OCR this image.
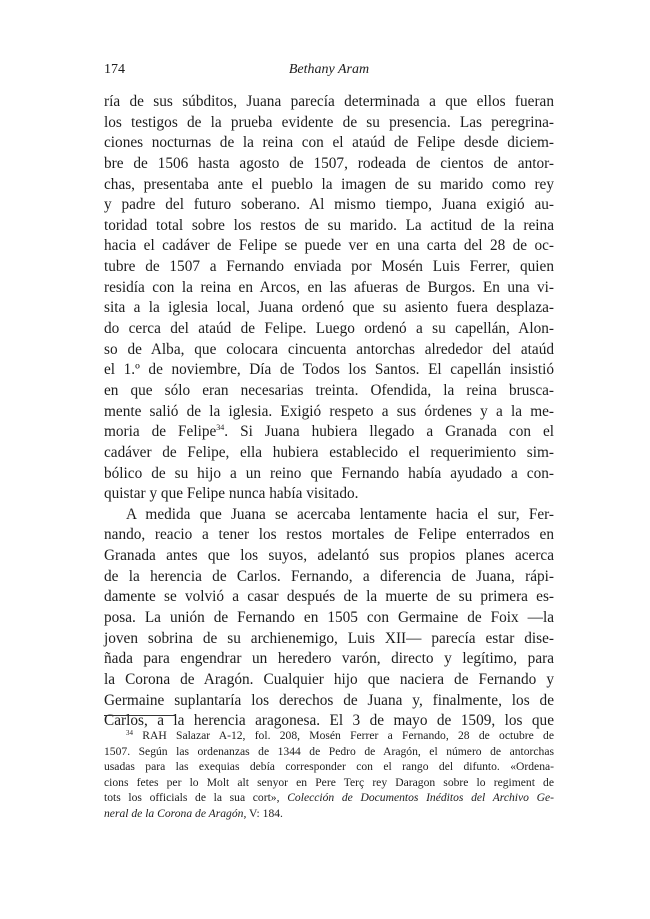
174	Bethany Aram
ría de sus súbditos, Juana parecía determinada a que ellos fueran
los testigos de la prueba evidente de su presencia. Las peregrina-
ciones nocturnas de la reina con el ataúd de Felipe desde diciem-
bre de 1506 hasta agosto de 1507, rodeada de cientos de antor-
chas, presentaba ante el pueblo la imagen de su marido como rey
y padre del futuro soberano. Al mismo tiempo, Juana exigió au-
toridad total sobre los restos de su marido. La actitud de la reina
hacia el cadáver de Felipe se puede ver en una carta del 28 de oc-
tubre de 1507 a Fernando enviada por Mosén Luis Ferrer, quien
residía con la reina en Arcos, en las afueras de Burgos. En una vi-
sita a la iglesia local, Juana ordenó que su asiento fuera desplaza-
do cerca del ataúd de Felipe. Luego ordenó a su capellán, Alon-
so de Alba, que colocara cincuenta antorchas alrededor del ataúd
el 1.º de noviembre, Día de Todos los Santos. El capellán insistió
en que sólo eran necesarias treinta. Ofendida, la reina brusca-
mente salió de la iglesia. Exigió respeto a sus órdenes y a la me-
moria de Felipe$^{34}$. Si Juana hubiera llegado a Granada con el
cadáver de Felipe, ella hubiera establecido el requerimiento sim-
bólico de su hijo a un reino que Fernando había ayudado a con-
quistar y que Felipe nunca había visitado.
A medida que Juana se acercaba lentamente hacia el sur, Fer-
nando, reacio a tener los restos mortales de Felipe enterrados en
Granada antes que los suyos, adelantó sus propios planes acerca
de la herencia de Carlos. Fernando, a diferencia de Juana, rápi-
damente se volvió a casar después de la muerte de su primera es-
posa. La unión de Fernando en 1505 con Germaine de Foix —la
joven sobrina de su archienemigo, Luis XII— parecía estar dise-
ñada para engendrar un heredero varón, directo y legítimo, para
la Corona de Aragón. Cualquier hijo que naciera de Fernando y
Germaine suplantaría los derechos de Juana y, finalmente, los de
Carlos, a la herencia aragonesa. El 3 de mayo de 1509, los que
$^{34}$ RAH Salazar A-12, fol. 208, Mosén Ferrer a Fernando, 28 de octubre de
1507. Según las ordenanzas de 1344 de Pedro de Aragón, el número de antorchas
usadas para las exequias debía corresponder con el rango del difunto. «Ordena-
cions fetes per lo Molt alt senyor en Pere Terç rey Daragon sobre lo regiment de
tots los officials de la sua cort», Colección de Documentos Inéditos del Archivo Ge-
neral de la Corona de Aragón, V: 184.
